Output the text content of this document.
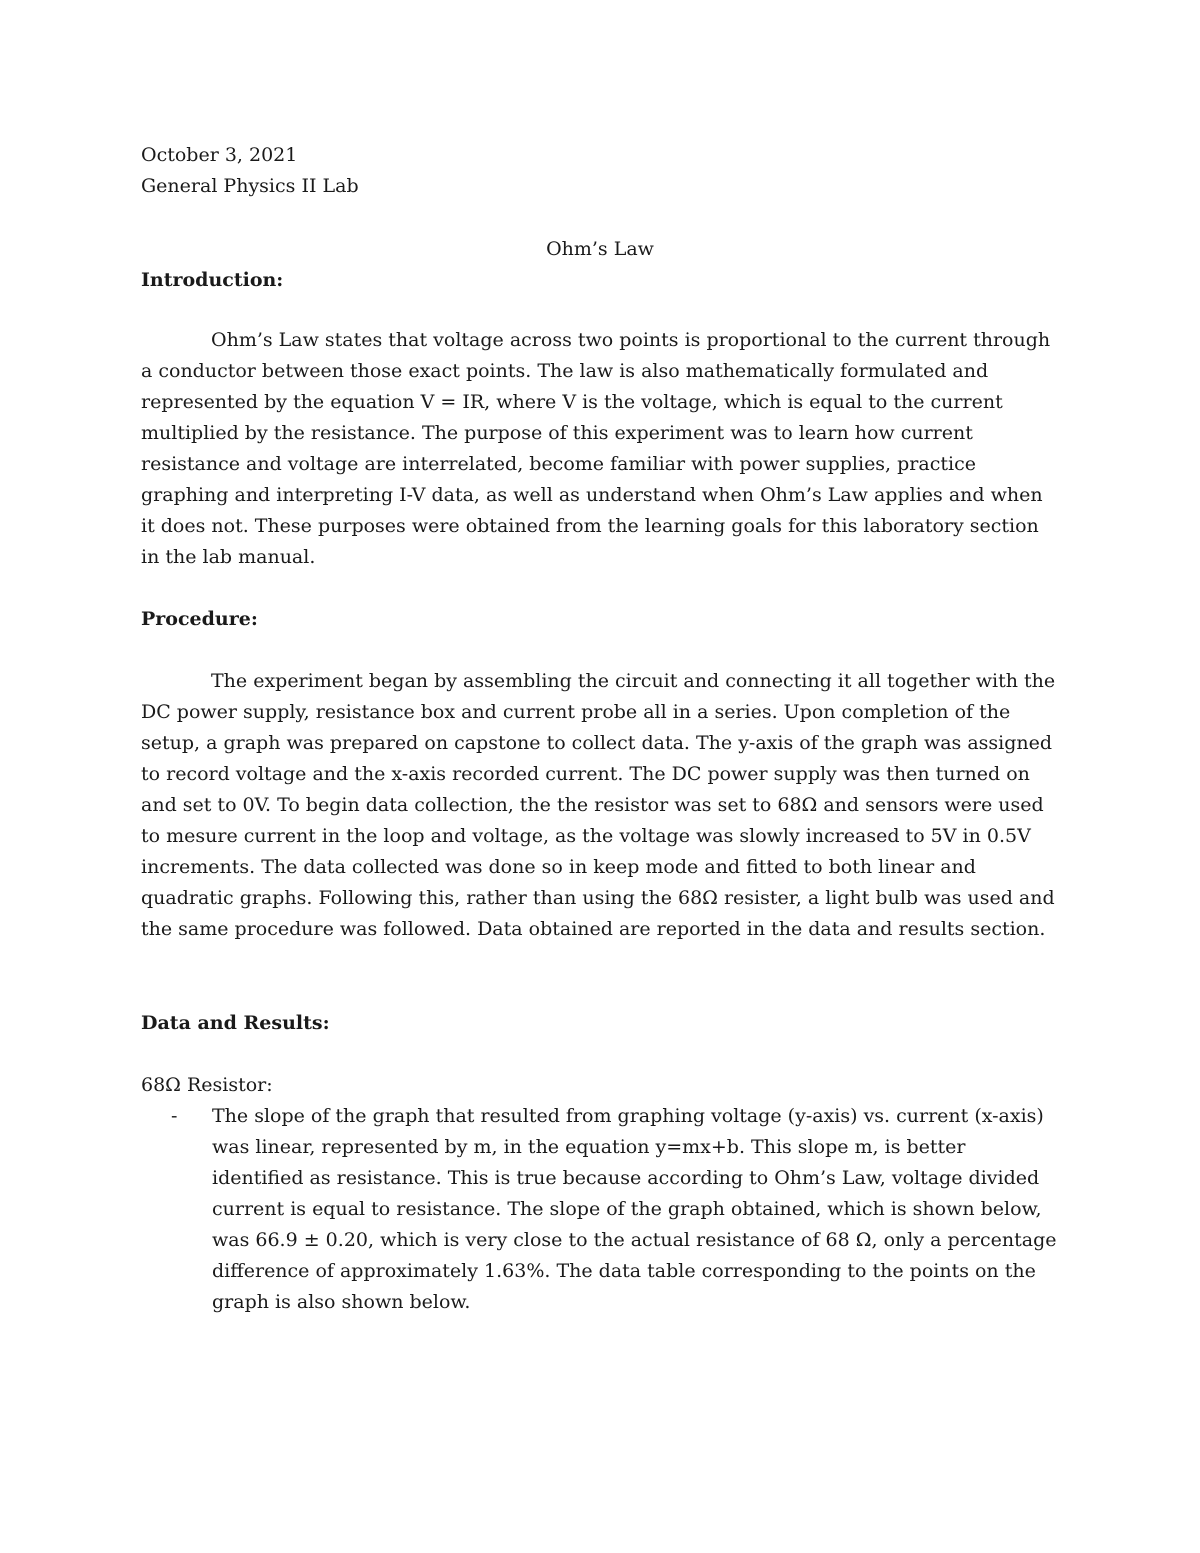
October 3, 2021
General Physics II Lab
Ohm’s Law
Introduction:

Ohm’s Law states that voltage across two points is proportional to the current through a conductor between those exact points. The law is also mathematically formulated and represented by the equation V = IR, where V is the voltage, which is equal to the current multiplied by the resistance. The purpose of this experiment was to learn how current resistance and voltage are interrelated, become familiar with power supplies, practice graphing and interpreting I-V data, as well as understand when Ohm’s Law applies and when it does not. These purposes were obtained from the learning goals for this laboratory section in the lab manual.

Procedure:

The experiment began by assembling the circuit and connecting it all together with the DC power supply, resistance box and current probe all in a series. Upon completion of the setup, a graph was prepared on capstone to collect data. The y-axis of the graph was assigned to record voltage and the x-axis recorded current. The DC power supply was then turned on and set to 0V. To begin data collection, the the resistor was set to 68Ω and sensors were used to mesure current in the loop and voltage, as the voltage was slowly increased to 5V in 0.5V increments. The data collected was done so in keep mode and fitted to both linear and quadratic graphs. Following this, rather than using the 68Ω resister, a light bulb was used and the same procedure was followed. Data obtained are reported in the data and results section.

Data and Results:
68Ω Resistor:
- The slope of the graph that resulted from graphing voltage (y-axis) vs. current (x-axis) was linear, represented by m, in the equation y=mx+b. This slope m, is better identified as resistance. This is true because according to Ohm’s Law, voltage divided current is equal to resistance. The slope of the graph obtained, which is shown below, was 66.9 ± 0.20, which is very close to the actual resistance of 68 Ω, only a percentage difference of approximately 1.63%. The data table corresponding to the points on the graph is also shown below.
